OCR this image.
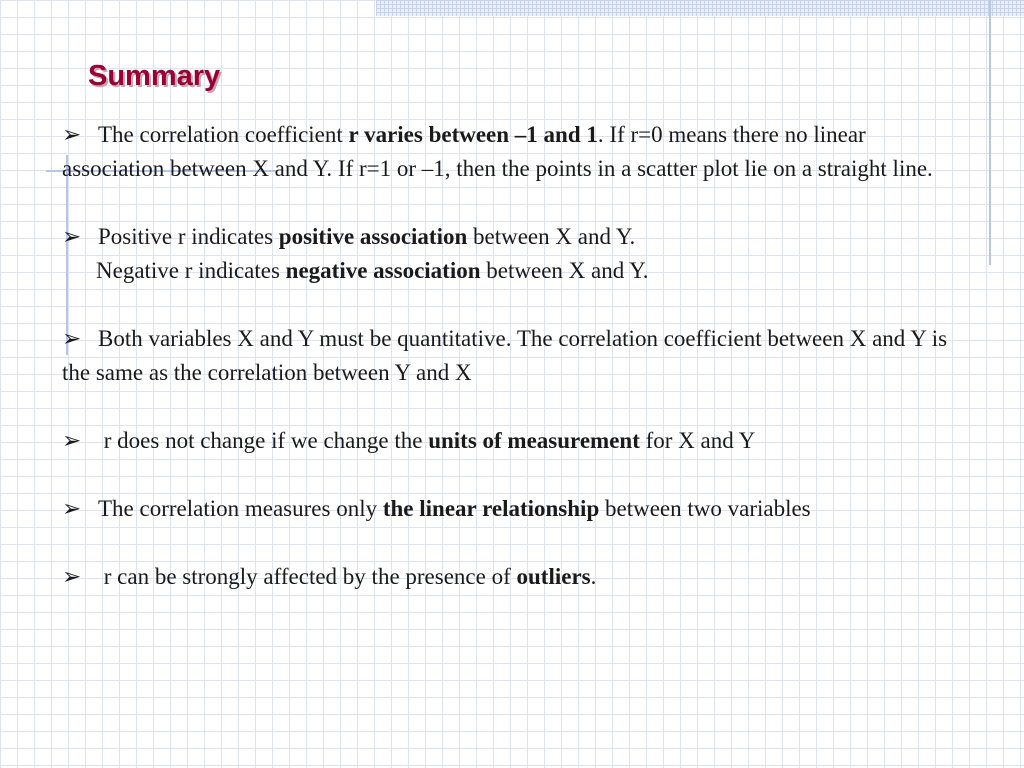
Summary

➢ The correlation coefficient r varies between –1 and 1. If r=0 means there no linear association between X and Y. If r=1 or –1, then the points in a scatter plot lie on a straight line.

➢ Positive r indicates positive association between X and Y.
Negative r indicates negative association between X and Y.

➢ Both variables X and Y must be quantitative. The correlation coefficient between X and Y is the same as the correlation between Y and X

➢ r does not change if we change the units of measurement for X and Y

➢ The correlation measures only the linear relationship between two variables

➢ r can be strongly affected by the presence of outliers.
